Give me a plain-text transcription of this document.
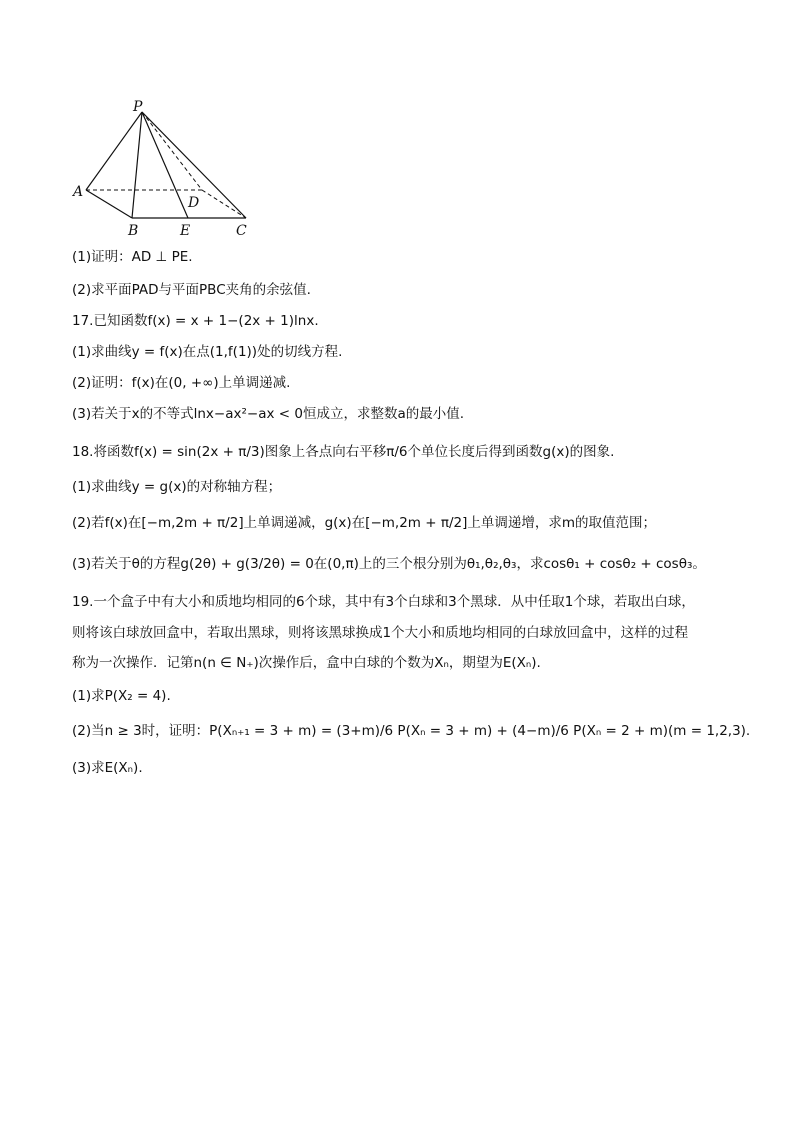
P
A
B	E	C
D
(1)证明：AD ⊥ PE.
(2)求平面PAD与平面PBC夹角的余弦值.
17.已知函数f(x) = x + 1−(2x + 1)lnx.
(1)求曲线y = f(x)在点(1,f(1))处的切线方程.
(2)证明：f(x)在(0, +∞)上单调递减.
(3)若关于x的不等式lnx−ax²−ax < 0恒成立，求整数a的最小值.
18.将函数f(x) = sin(2x + π/3)图象上各点向右平移π/6个单位长度后得到函数g(x)的图象.
(1)求曲线y = g(x)的对称轴方程；
(2)若f(x)在[−m,2m + π/2]上单调递减，g(x)在[−m,2m + π/2]上单调递增，求m的取值范围；
(3)若关于θ的方程g(2θ) + g(3/2θ) = 0在(0,π)上的三个根分别为θ₁,θ₂,θ₃，求cosθ₁ + cosθ₂ + cosθ₃。
19.一个盒子中有大小和质地均相同的6个球，其中有3个白球和3个黑球．从中任取1个球，若取出白球，
则将该白球放回盒中，若取出黑球，则将该黑球换成1个大小和质地均相同的白球放回盒中，这样的过程
称为一次操作．记第n(n ∈ N₊)次操作后，盒中白球的个数为Xₙ，期望为E(Xₙ).
(1)求P(X₂ = 4).
(2)当n ≥ 3时，证明：P(Xₙ₊₁ = 3 + m) = (3+m)/6 P(Xₙ = 3 + m) + (4−m)/6 P(Xₙ = 2 + m)(m = 1,2,3).
(3)求E(Xₙ).
